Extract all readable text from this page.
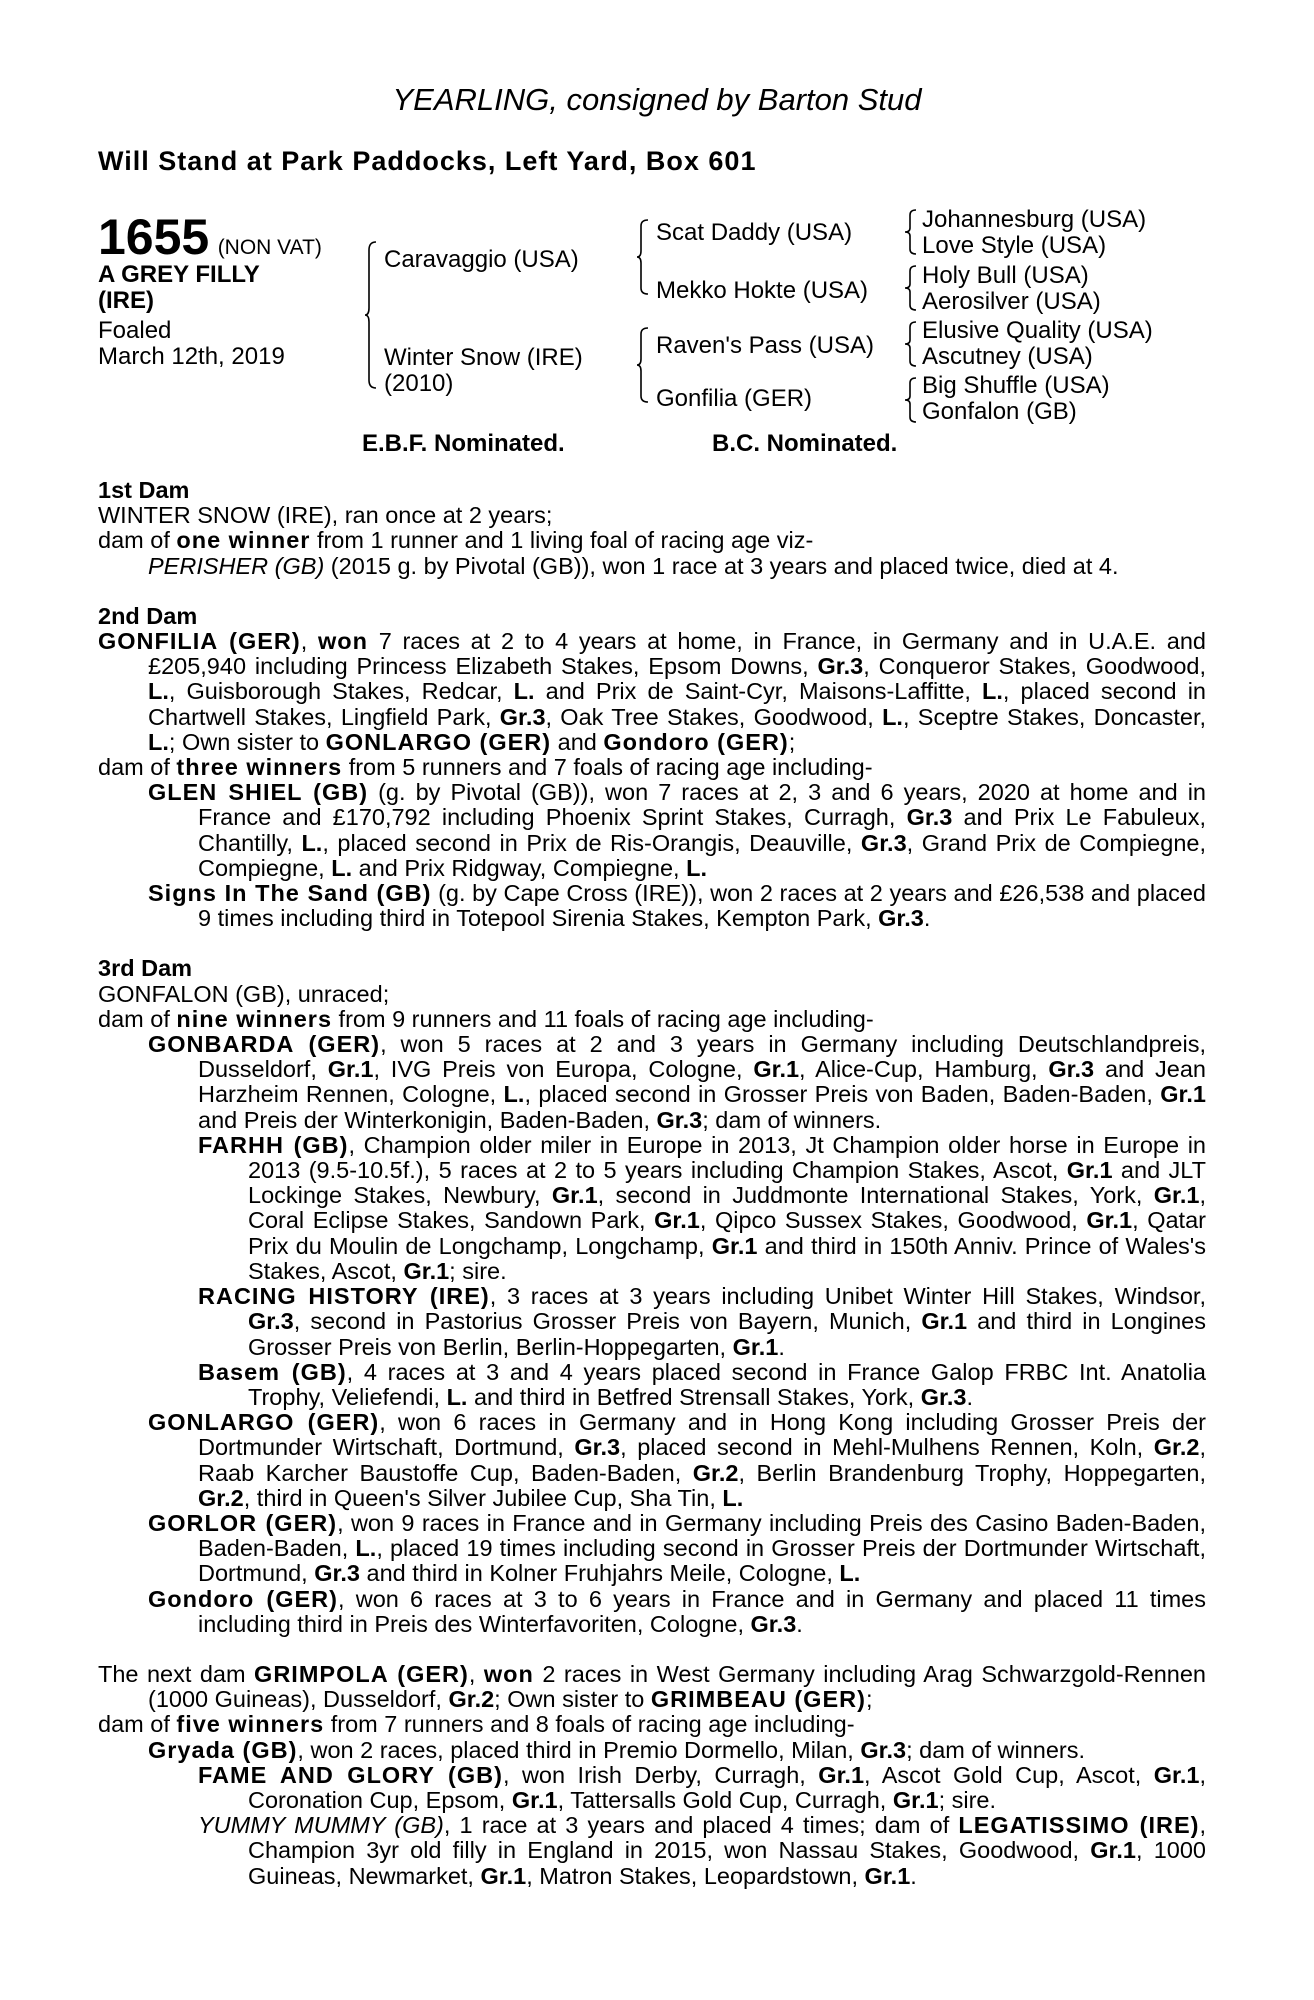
YEARLING, consigned by Barton Stud
Will Stand at Park Paddocks, Left Yard, Box 601
1655 (NON VAT)
A GREY FILLY
(IRE)
Foaled
March 12th, 2019
Caravaggio (USA)
Winter Snow (IRE)
(2010)
Scat Daddy (USA)
Mekko Hokte (USA)
Raven's Pass (USA)
Gonfilia (GER)
Johannesburg (USA)
Love Style (USA)
Holy Bull (USA)
Aerosilver (USA)
Elusive Quality (USA)
Ascutney (USA)
Big Shuffle (USA)
Gonfalon (GB)
E.B.F. Nominated.	B.C. Nominated.
1st Dam
WINTER SNOW (IRE), ran once at 2 years;
dam of one winner from 1 runner and 1 living foal of racing age viz-
PERISHER (GB) (2015 g. by Pivotal (GB)), won 1 race at 3 years and placed twice, died at 4.
2nd Dam
GONFILIA (GER), won 7 races at 2 to 4 years at home, in France, in Germany and in U.A.E. and £205,940 including Princess Elizabeth Stakes, Epsom Downs, Gr.3, Conqueror Stakes, Goodwood, L., Guisborough Stakes, Redcar, L. and Prix de Saint-Cyr, Maisons-Laffitte, L., placed second in Chartwell Stakes, Lingfield Park, Gr.3, Oak Tree Stakes, Goodwood, L., Sceptre Stakes, Doncaster, L.; Own sister to GONLARGO (GER) and Gondoro (GER);
dam of three winners from 5 runners and 7 foals of racing age including-
GLEN SHIEL (GB) (g. by Pivotal (GB)), won 7 races at 2, 3 and 6 years, 2020 at home and in France and £170,792 including Phoenix Sprint Stakes, Curragh, Gr.3 and Prix Le Fabuleux, Chantilly, L., placed second in Prix de Ris-Orangis, Deauville, Gr.3, Grand Prix de Compiegne, Compiegne, L. and Prix Ridgway, Compiegne, L.
Signs In The Sand (GB) (g. by Cape Cross (IRE)), won 2 races at 2 years and £26,538 and placed 9 times including third in Totepool Sirenia Stakes, Kempton Park, Gr.3.
3rd Dam
GONFALON (GB), unraced;
dam of nine winners from 9 runners and 11 foals of racing age including-
GONBARDA (GER), won 5 races at 2 and 3 years in Germany including Deutschlandpreis, Dusseldorf, Gr.1, IVG Preis von Europa, Cologne, Gr.1, Alice-Cup, Hamburg, Gr.3 and Jean Harzheim Rennen, Cologne, L., placed second in Grosser Preis von Baden, Baden-Baden, Gr.1 and Preis der Winterkonigin, Baden-Baden, Gr.3; dam of winners.
FARHH (GB), Champion older miler in Europe in 2013, Jt Champion older horse in Europe in 2013 (9.5-10.5f.), 5 races at 2 to 5 years including Champion Stakes, Ascot, Gr.1 and JLT Lockinge Stakes, Newbury, Gr.1, second in Juddmonte International Stakes, York, Gr.1, Coral Eclipse Stakes, Sandown Park, Gr.1, Qipco Sussex Stakes, Goodwood, Gr.1, Qatar Prix du Moulin de Longchamp, Longchamp, Gr.1 and third in 150th Anniv. Prince of Wales's Stakes, Ascot, Gr.1; sire.
RACING HISTORY (IRE), 3 races at 3 years including Unibet Winter Hill Stakes, Windsor, Gr.3, second in Pastorius Grosser Preis von Bayern, Munich, Gr.1 and third in Longines Grosser Preis von Berlin, Berlin-Hoppegarten, Gr.1.
Basem (GB), 4 races at 3 and 4 years placed second in France Galop FRBC Int. Anatolia Trophy, Veliefendi, L. and third in Betfred Strensall Stakes, York, Gr.3.
GONLARGO (GER), won 6 races in Germany and in Hong Kong including Grosser Preis der Dortmunder Wirtschaft, Dortmund, Gr.3, placed second in Mehl-Mulhens Rennen, Koln, Gr.2, Raab Karcher Baustoffe Cup, Baden-Baden, Gr.2, Berlin Brandenburg Trophy, Hoppegarten, Gr.2, third in Queen's Silver Jubilee Cup, Sha Tin, L.
GORLOR (GER), won 9 races in France and in Germany including Preis des Casino Baden-Baden, Baden-Baden, L., placed 19 times including second in Grosser Preis der Dortmunder Wirtschaft, Dortmund, Gr.3 and third in Kolner Fruhjahrs Meile, Cologne, L.
Gondoro (GER), won 6 races at 3 to 6 years in France and in Germany and placed 11 times including third in Preis des Winterfavoriten, Cologne, Gr.3.
The next dam GRIMPOLA (GER), won 2 races in West Germany including Arag Schwarzgold-Rennen (1000 Guineas), Dusseldorf, Gr.2; Own sister to GRIMBEAU (GER);
dam of five winners from 7 runners and 8 foals of racing age including-
Gryada (GB), won 2 races, placed third in Premio Dormello, Milan, Gr.3; dam of winners.
FAME AND GLORY (GB), won Irish Derby, Curragh, Gr.1, Ascot Gold Cup, Ascot, Gr.1, Coronation Cup, Epsom, Gr.1, Tattersalls Gold Cup, Curragh, Gr.1; sire.
YUMMY MUMMY (GB), 1 race at 3 years and placed 4 times; dam of LEGATISSIMO (IRE), Champion 3yr old filly in England in 2015, won Nassau Stakes, Goodwood, Gr.1, 1000 Guineas, Newmarket, Gr.1, Matron Stakes, Leopardstown, Gr.1.
